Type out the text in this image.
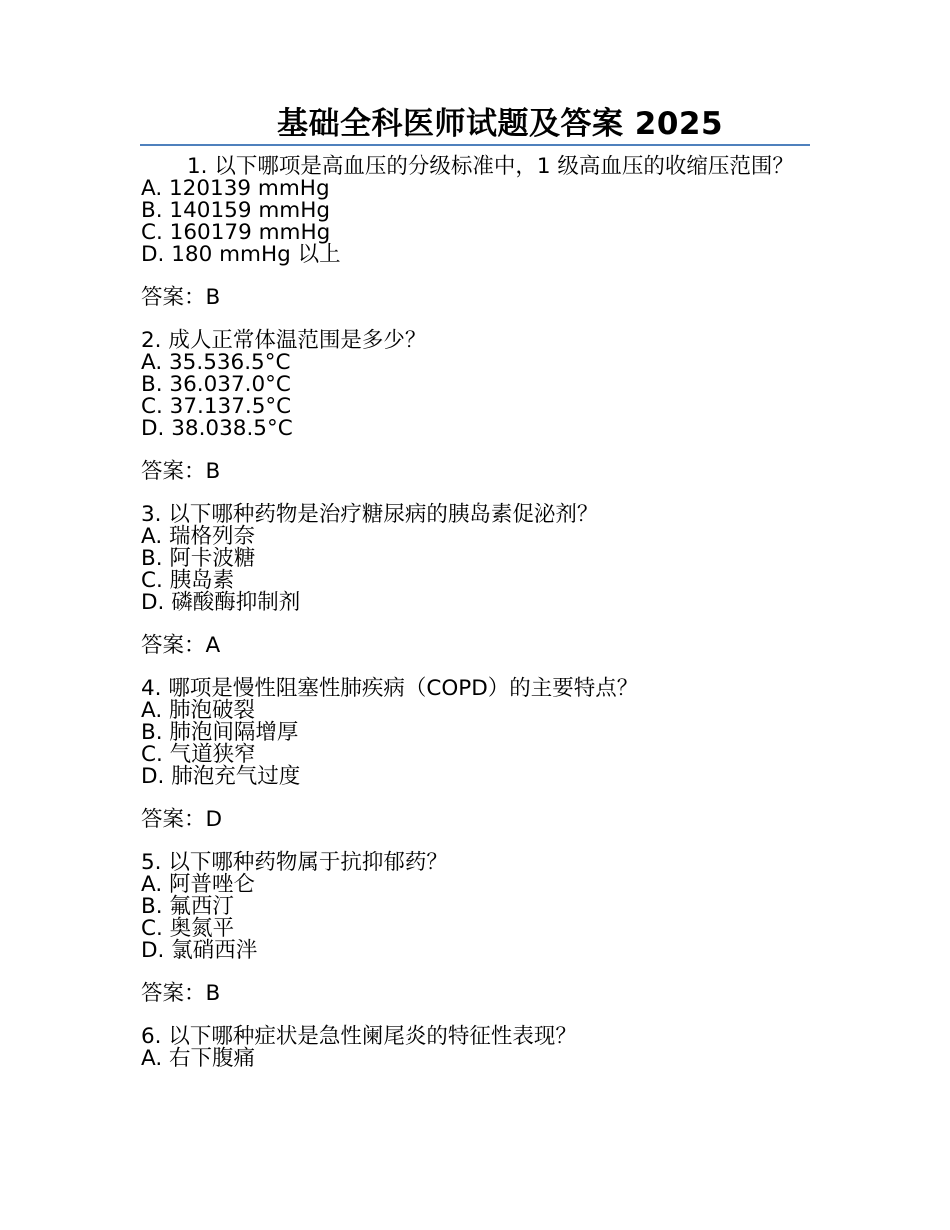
基础全科医师试题及答案 2025
1. 以下哪项是高血压的分级标准中，1 级高血压的收缩压范围？
A. 120139 mmHg
B. 140159 mmHg
C. 160179 mmHg
D. 180 mmHg 以上
答案：B
2. 成人正常体温范围是多少？
A. 35.536.5°C
B. 36.037.0°C
C. 37.137.5°C
D. 38.038.5°C
答案：B
3. 以下哪种药物是治疗糖尿病的胰岛素促泌剂？
A. 瑞格列奈
B. 阿卡波糖
C. 胰岛素
D. 磷酸酶抑制剂
答案：A
4. 哪项是慢性阻塞性肺疾病（COPD）的主要特点？
A. 肺泡破裂
B. 肺泡间隔增厚
C. 气道狭窄
D. 肺泡充气过度
答案：D
5. 以下哪种药物属于抗抑郁药？
A. 阿普唑仑
B. 氟西汀
C. 奥氮平
D. 氯硝西泮
答案：B
6. 以下哪种症状是急性阑尾炎的特征性表现？
A. 右下腹痛
